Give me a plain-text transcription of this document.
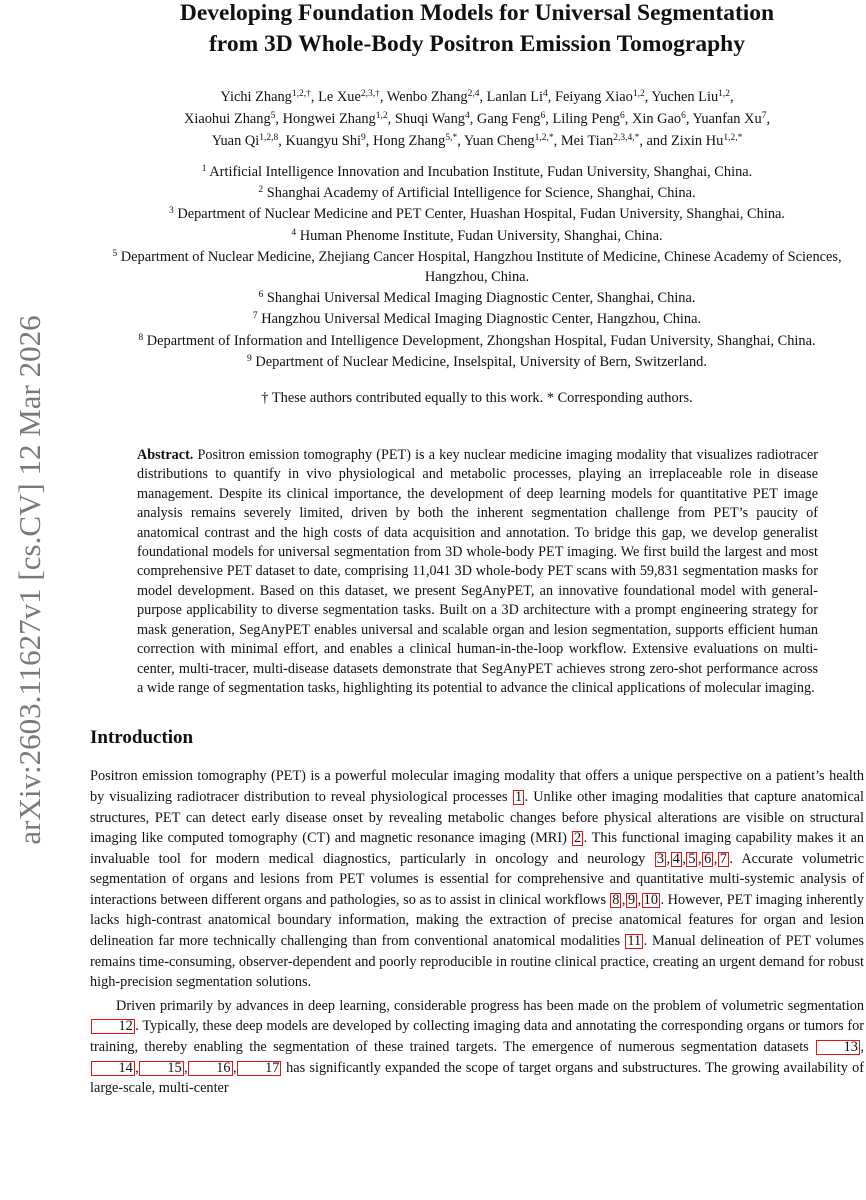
arXiv:2603.11627v1 [cs.CV] 12 Mar 2026
Developing Foundation Models for Universal Segmentation
from 3D Whole-Body Positron Emission Tomography
Yichi Zhang$^{1,2,\dagger}$, Le Xue$^{2,3,\dagger}$, Wenbo Zhang$^{2,4}$, Lanlan Li$^4$, Feiyang Xiao$^{1,2}$, Yuchen Liu$^{1,2}$,
Xiaohui Zhang$^5$, Hongwei Zhang$^{1,2}$, Shuqi Wang$^4$, Gang Feng$^6$, Liling Peng$^6$, Xin Gao$^6$, Yuanfan Xu$^7$,
Yuan Qi$^{1,2,8}$, Kuangyu Shi$^9$, Hong Zhang$^{5,*}$, Yuan Cheng$^{1,2,*}$, Mei Tian$^{2,3,4,*}$, and Zixin $Hu^{1,2,*}$
$^1$ Artificial Intelligence Innovation and Incubation Institute, Fudan University, Shanghai, China.
$^2$ Shanghai Academy of Artificial Intelligence for Science, Shanghai, China.
$^3$ Department of Nuclear Medicine and PET Center, Huashan Hospital, Fudan University, Shanghai, China.
$^4$ Human Phenome Institute, Fudan University, Shanghai, China.
$^5$ Department of Nuclear Medicine, Zhejiang Cancer Hospital, Hangzhou Institute of Medicine, Chinese Academy of Sciences, Hangzhou, China.
$^6$ Shanghai Universal Medical Imaging Diagnostic Center, Shanghai, China.
$^7$ Hangzhou Universal Medical Imaging Diagnostic Center, Hangzhou, China.
$^8$ Department of Information and Intelligence Development, Zhongshan Hospital, Fudan University, Shanghai, China.
$^9$ Department of Nuclear Medicine, Inselspital, University of Bern, Switzerland.
† These authors contributed equally to this work. * Corresponding authors.
Abstract. Positron emission tomography (PET) is a key nuclear medicine imaging modality that visualizes radiotracer distributions to quantify in vivo physiological and metabolic processes, playing an irreplaceable role in disease management. Despite its clinical importance, the development of deep learning models for quantitative PET image analysis remains severely limited, driven by both the inherent segmentation challenge from PET’s paucity of anatomical contrast and the high costs of data acquisition and annotation. To bridge this gap, we develop generalist foundational models for universal segmentation from 3D whole-body PET imaging. We first build the largest and most comprehensive PET dataset to date, comprising 11,041 3D whole-body PET scans with 59,831 segmentation masks for model development. Based on this dataset, we present SegAnyPET, an innovative foundational model with general-purpose applicability to diverse segmentation tasks. Built on a 3D architecture with a prompt engineering strategy for mask generation, SegAnyPET enables universal and scalable organ and lesion segmentation, supports efficient human correction with minimal effort, and enables a clinical human-in-the-loop workflow. Extensive evaluations on multi-center, multi-tracer, multi-disease datasets demonstrate that SegAnyPET achieves strong zero-shot performance across a wide range of segmentation tasks, highlighting its potential to advance the clinical applications of molecular imaging.
Introduction

Positron emission tomography (PET) is a powerful molecular imaging modality that offers a unique perspective on a patient’s health by visualizing radiotracer distribution to reveal physiological processes 1 . Unlike other imaging modalities that capture anatomical structures, PET can detect early disease onset by revealing metabolic changes before physical alterations are visible on structural imaging like computed tomography (CT) and magnetic resonance imaging (MRI) 2 . This functional imaging capability makes it an invaluable tool for modern medical diagnostics, particularly in oncology and neurology 3 , 4 , 5 , 6 , 7 . Accurate volumetric segmentation of organs and lesions from PET volumes is essential for comprehensive and quantitative multi-systemic analysis of interactions between different organs and pathologies, so as to assist in clinical workflows 8 , 9 , 10 . However, PET imaging inherently lacks high-contrast anatomical boundary information, making the extraction of precise anatomical features for organ and lesion delineation far more technically challenging than from conventional anatomical modalities 11 . Manual delineation of PET volumes remains time-consuming, observer-dependent and poorly reproducible in routine clinical practice, creating an urgent demand for robust high-precision segmentation solutions.

Driven primarily by advances in deep learning, considerable progress has been made on the problem of volumetric segmentation 12 . Typically, these deep models are developed by collecting imaging data and annotating the corresponding organs or tumors for training, thereby enabling the segmentation of these trained targets. The emergence of numerous segmentation datasets 13 ,14 , 15 , 16 , 17 has significantly expanded the scope of target organs and substructures. The growing availability of large-scale, multi-center
